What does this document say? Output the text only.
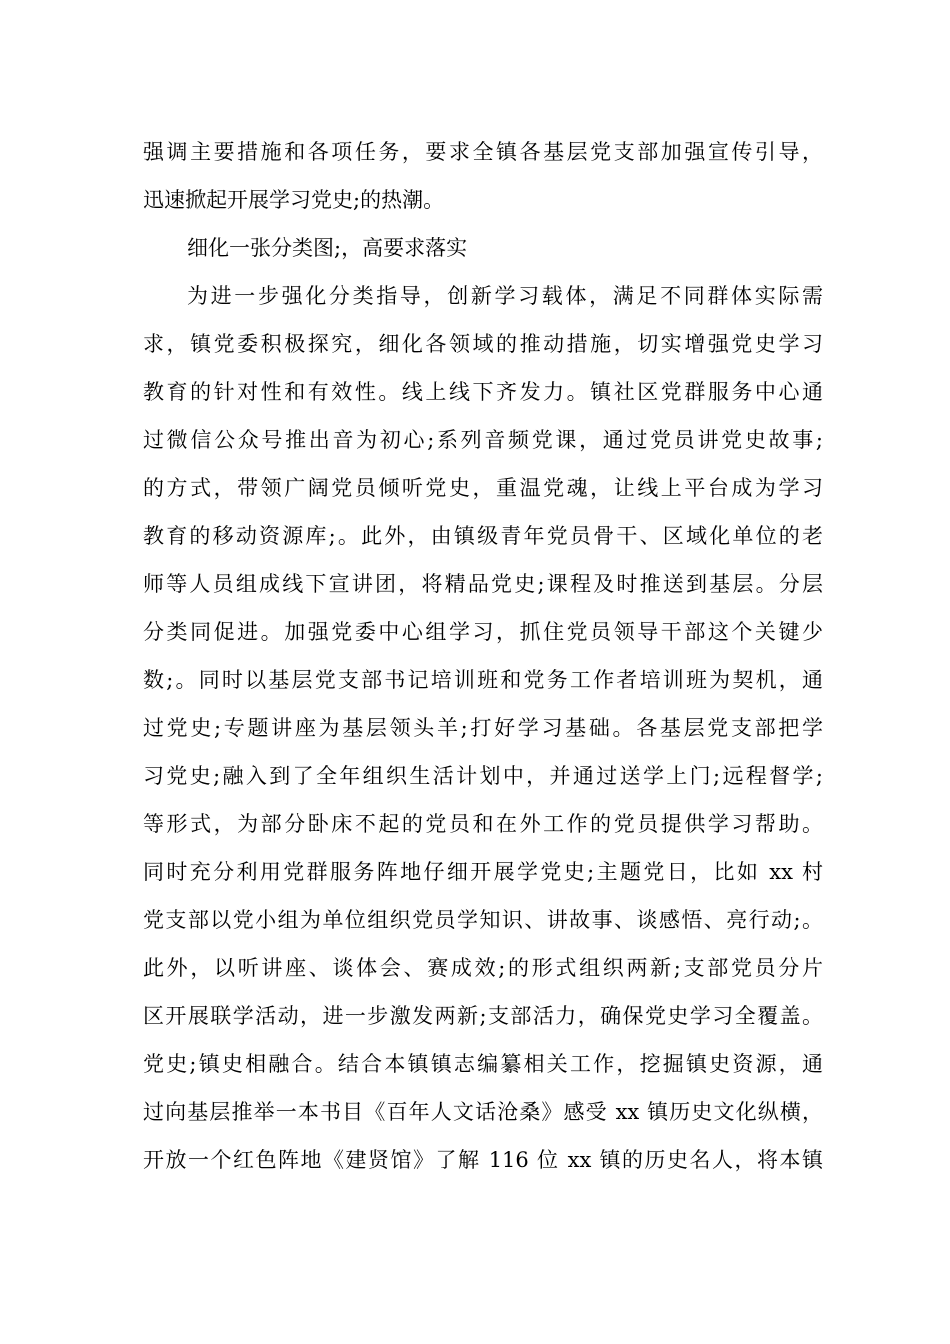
强调主要措施和各项任务，要求全镇各基层党支部加强宣传引导，
迅速掀起开展学习党史;的热潮。
细化一张分类图;，高要求落实
为进一步强化分类指导，创新学习载体，满足不同群体实际需
求，镇党委积极探究，细化各领域的推动措施，切实增强党史学习
教育的针对性和有效性。线上线下齐发力。镇社区党群服务中心通
过微信公众号推出音为初心;系列音频党课，通过党员讲党史故事;
的方式，带领广阔党员倾听党史，重温党魂，让线上平台成为学习
教育的移动资源库;。此外，由镇级青年党员骨干、区域化单位的老
师等人员组成线下宣讲团，将精品党史;课程及时推送到基层。分层
分类同促进。加强党委中心组学习，抓住党员领导干部这个关键少
数;。同时以基层党支部书记培训班和党务工作者培训班为契机，通
过党史;专题讲座为基层领头羊;打好学习基础。各基层党支部把学
习党史;融入到了全年组织生活计划中，并通过送学上门;远程督学;
等形式，为部分卧床不起的党员和在外工作的党员提供学习帮助。
同时充分利用党群服务阵地仔细开展学党史;主题党日，比如 xx 村
党支部以党小组为单位组织党员学知识、讲故事、谈感悟、亮行动;。
此外，以听讲座、谈体会、赛成效;的形式组织两新;支部党员分片
区开展联学活动，进一步激发两新;支部活力，确保党史学习全覆盖。
党史;镇史相融合。结合本镇镇志编纂相关工作，挖掘镇史资源，通
过向基层推举一本书目《百年人文话沧桑》感受 xx 镇历史文化纵横，
开放一个红色阵地《建贤馆》了解 116 位 xx 镇的历史名人，将本镇
